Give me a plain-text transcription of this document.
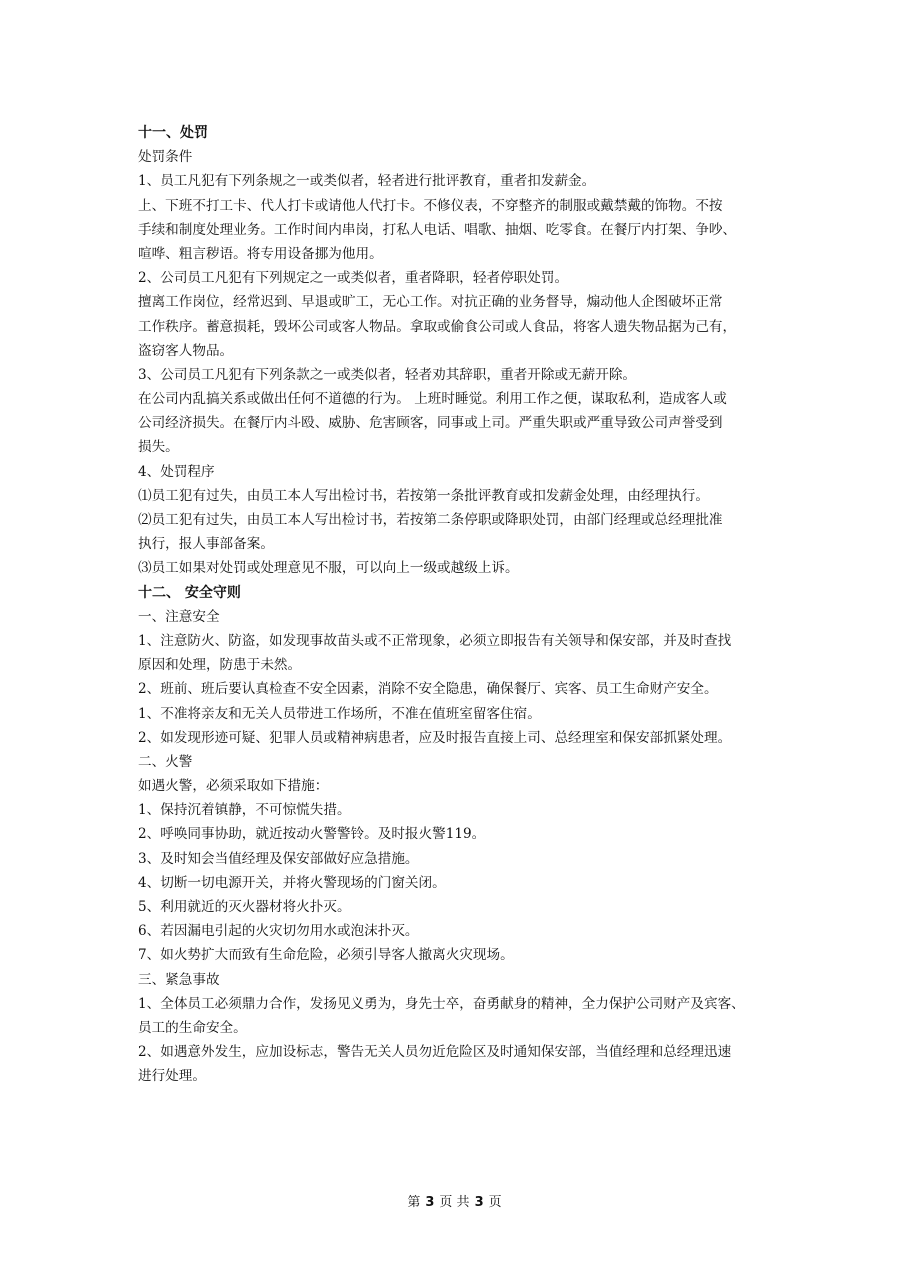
十一、处罚
处罚条件
1、员工凡犯有下列条规之一或类似者，轻者进行批评教育，重者扣发薪金。
上、下班不打工卡、代人打卡或请他人代打卡。不修仪表，不穿整齐的制服或戴禁戴的饰物。不按
手续和制度处理业务。工作时间内串岗，打私人电话、唱歌、抽烟、吃零食。在餐厅内打架、争吵、
喧哗、粗言秽语。将专用设备挪为他用。
2、公司员工凡犯有下列规定之一或类似者，重者降职，轻者停职处罚。
擅离工作岗位，经常迟到、早退或旷工，无心工作。对抗正确的业务督导，煽动他人企图破坏正常
工作秩序。蓄意损耗，毁坏公司或客人物品。拿取或偷食公司或人食品，将客人遗失物品据为己有，
盗窃客人物品。
3、公司员工凡犯有下列条款之一或类似者，轻者劝其辞职，重者开除或无薪开除。
在公司内乱搞关系或做出任何不道德的行为。 上班时睡觉。利用工作之便，谋取私利，造成客人或
公司经济损失。在餐厅内斗殴、威胁、危害顾客，同事或上司。严重失职或严重导致公司声誉受到
损失。
4、处罚程序
⑴员工犯有过失，由员工本人写出检讨书，若按第一条批评教育或扣发薪金处理，由经理执行。
⑵员工犯有过失，由员工本人写出检讨书，若按第二条停职或降职处罚，由部门经理或总经理批准
执行，报人事部备案。
⑶员工如果对处罚或处理意见不服，可以向上一级或越级上诉。
十二、 安全守则
一、注意安全
1、注意防火、防盗，如发现事故苗头或不正常现象，必须立即报告有关领导和保安部，并及时查找
原因和处理，防患于未然。
2、班前、班后要认真检查不安全因素，消除不安全隐患，确保餐厅、宾客、员工生命财产安全。
1、不准将亲友和无关人员带进工作场所，不准在值班室留客住宿。
2、如发现形迹可疑、犯罪人员或精神病患者，应及时报告直接上司、总经理室和保安部抓紧处理。
二、火警
如遇火警，必须采取如下措施：
1、保持沉着镇静，不可惊慌失措。
2、呼唤同事协助，就近按动火警警铃。及时报火警119。
3、及时知会当值经理及保安部做好应急措施。
4、切断一切电源开关，并将火警现场的门窗关闭。
5、利用就近的灭火器材将火扑灭。
6、若因漏电引起的火灾切勿用水或泡沫扑灭。
7、如火势扩大而致有生命危险，必须引导客人撤离火灾现场。
三、紧急事故
1、全体员工必须鼎力合作，发扬见义勇为，身先士卒，奋勇献身的精神，全力保护公司财产及宾客、
员工的生命安全。
2、如遇意外发生，应加设标志，警告无关人员勿近危险区及时通知保安部，当值经理和总经理迅速
进行处理。
第 3 页 共 3 页
